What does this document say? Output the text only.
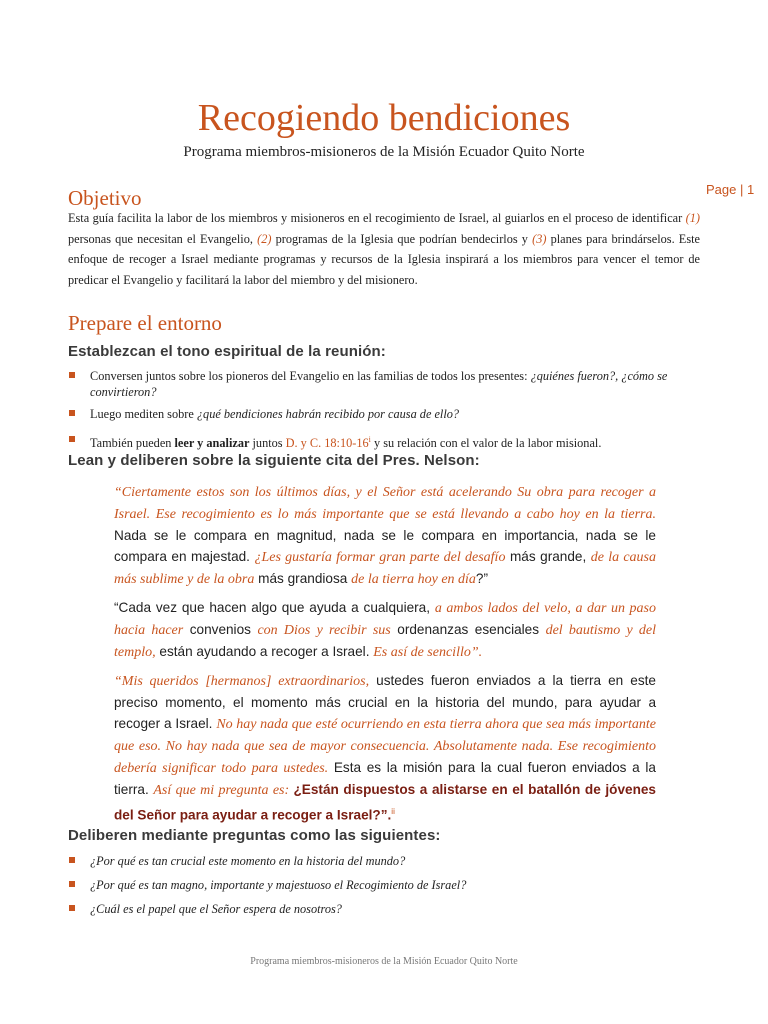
Recogiendo bendiciones
Programa miembros-misioneros de la Misión Ecuador Quito Norte
Page | 1
Objetivo

Esta guía facilita la labor de los miembros y misioneros en el recogimiento de Israel, al guiarlos en el proceso de identificar (1) personas que necesitan el Evangelio, (2) programas de la Iglesia que podrían bendecirlos y (3) planes para brindárselos. Este enfoque de recoger a Israel mediante programas y recursos de la Iglesia inspirará a los miembros para vencer el temor de predicar el Evangelio y facilitará la labor del miembro y del misionero.

Prepare el entorno
Establezcan el tono espiritual de la reunión:
Conversen juntos sobre los pioneros del Evangelio en las familias de todos los presentes: ¿quiénes fueron?, ¿cómo se convirtieron?
Luego mediten sobre ¿qué bendiciones habrán recibido por causa de ello?
También pueden leer y analizar juntos D. y C. 18:10-16$^i$ y su relación con el valor de la labor misional.
Lean y deliberen sobre la siguiente cita del Pres. Nelson:

“Ciertamente estos son los últimos días, y el Señor está acelerando Su obra para recoger a Israel. Ese recogimiento es lo más importante que se está llevando a cabo hoy en la tierra. Nada se le compara en magnitud, nada se le compara en importancia, nada se le compara en majestad. ¿Les gustaría formar gran parte del desafío más grande, de la causa más sublime y de la obra más grandiosa de la tierra hoy en día?”

“Cada vez que hacen algo que ayuda a cualquiera, a ambos lados del velo, a dar un paso hacia hacer convenios con Dios y recibir sus ordenanzas esenciales del bautismo y del templo, están ayudando a recoger a Israel. Es así de sencillo”.

“Mis queridos [hermanos] extraordinarios, ustedes fueron enviados a la tierra en este preciso momento, el momento más crucial en la historia del mundo, para ayudar a recoger a Israel. No hay nada que esté ocurriendo en esta tierra ahora que sea más importante que eso. No hay nada que sea de mayor consecuencia. Absolutamente nada. Ese recogimiento debería significar todo para ustedes. Esta es la misión para la cual fueron enviados a la tierra. Así que mi pregunta es: ¿Están dispuestos a alistarse en el batallón de jóvenes del Señor para ayudar a recoger a Israel?”.$^{ii}$

Deliberen mediante preguntas como las siguientes:
¿Por qué es tan crucial este momento en la historia del mundo?
¿Por qué es tan magno, importante y majestuoso el Recogimiento de Israel?
¿Cuál es el papel que el Señor espera de nosotros?
Programa miembros-misioneros de la Misión Ecuador Quito Norte
